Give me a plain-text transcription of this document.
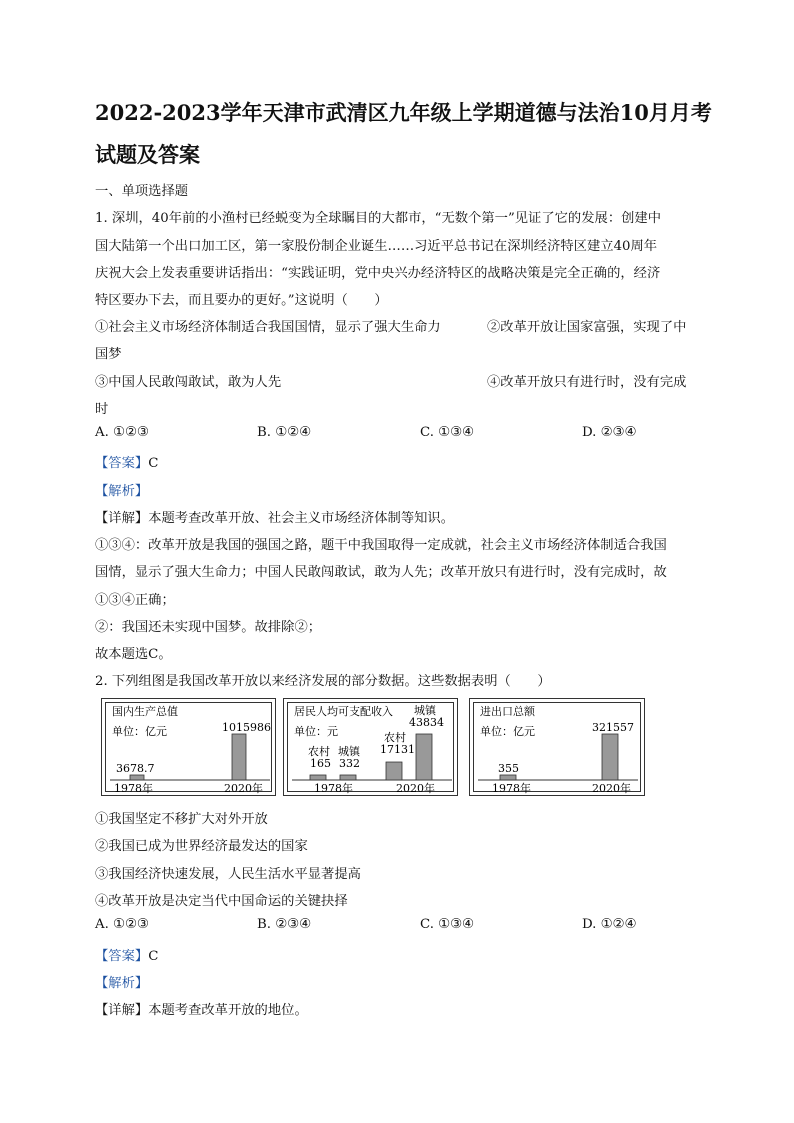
2022-2023学年天津市武清区九年级上学期道德与法治10月月考
试题及答案
一、单项选择题
1. 深圳，40年前的小渔村已经蜕变为全球瞩目的大都市，“无数个第一”见证了它的发展：创建中
国大陆第一个出口加工区，第一家股份制企业诞生……习近平总书记在深圳经济特区建立40周年
庆祝大会上发表重要讲话指出：“实践证明，党中央兴办经济特区的战略决策是完全正确的，经济
特区要办下去，而且要办的更好。”这说明（　　）
①社会主义市场经济体制适合我国国情，显示了强大生命力	②改革开放让国家富强，实现了中
国梦
③中国人民敢闯敢试，敢为人先	④改革开放只有进行时，没有完成
时
A. ①②③	B. ①②④	C. ①③④	D. ②③④
【答案】C
【解析】
【详解】本题考查改革开放、社会主义市场经济体制等知识。
①③④：改革开放是我国的强国之路，题干中我国取得一定成就，社会主义市场经济体制适合我国
国情，显示了强大生命力；中国人民敢闯敢试，敢为人先；改革开放只有进行时，没有完成时，故
①③④正确；
②：我国还未实现中国梦。故排除②；
故本题选C。
2. 下列组图是我国改革开放以来经济发展的部分数据。这些数据表明（　　）
国内生产总值
单位：亿元
3678.7
1015986
1978年	2020年
居民人均可支配收入
单位：元
农村
165
城镇
332
农村
17131
城镇
43834
1978年	2020年
进出口总额
单位：亿元
355
321557
1978年	2020年
①我国坚定不移扩大对外开放
②我国已成为世界经济最发达的国家
③我国经济快速发展，人民生活水平显著提高
④改革开放是决定当代中国命运的关键抉择
A. ①②③	B. ②③④	C. ①③④	D. ①②④
【答案】C
【解析】
【详解】本题考查改革开放的地位。
